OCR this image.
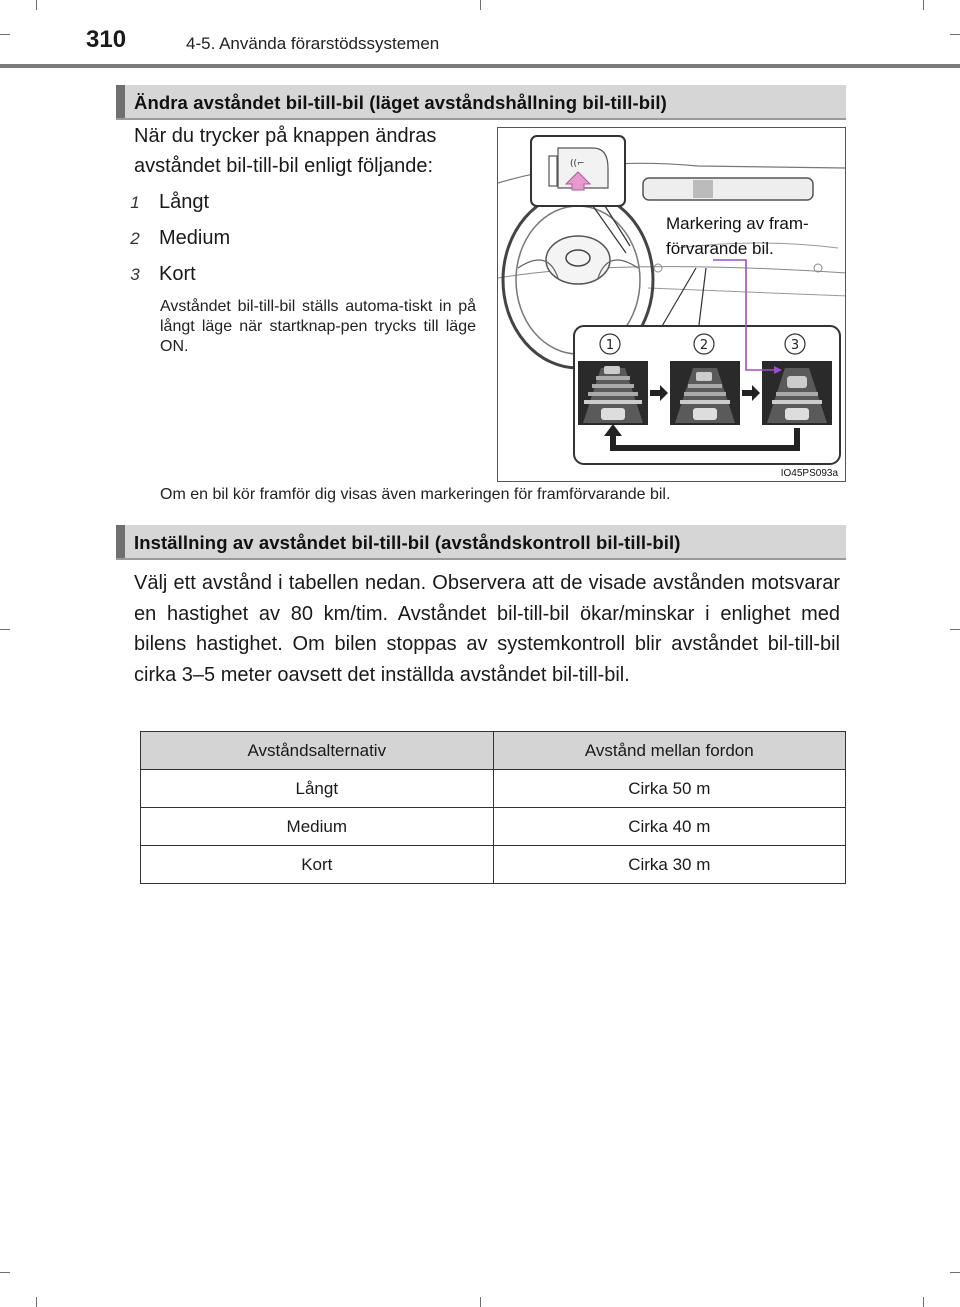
310	4-5. Använda förarstödssystemen
Ändra avståndet bil-till-bil (läget avståndshållning bil-till-bil)
När du trycker på knappen ändras avståndet bil-till-bil enligt följande:
1 Långt
2 Medium
3 Kort
Avståndet bil-till-bil ställs automa-tiskt in på långt läge när startknap-pen trycks till läge ON.
((⌐
1	2	3
Markering av fram-
förvarande bil.
IO45PS093a
Om en bil kör framför dig visas även markeringen för framförvarande bil.
Inställning av avståndet bil-till-bil (avståndskontroll bil-till-bil)
Välj ett avstånd i tabellen nedan. Observera att de visade avstånden motsvarar en hastighet av 80 km/tim. Avståndet bil-till-bil ökar/minskar i enlighet med bilens hastighet. Om bilen stoppas av systemkontroll blir avståndet bil-till-bil cirka 3–5 meter oavsett det inställda avståndet bil-till-bil.
Avståndsalternativ	Avstånd mellan fordon
Långt	Cirka 50 m
Medium	Cirka 40 m
Kort	Cirka 30 m
